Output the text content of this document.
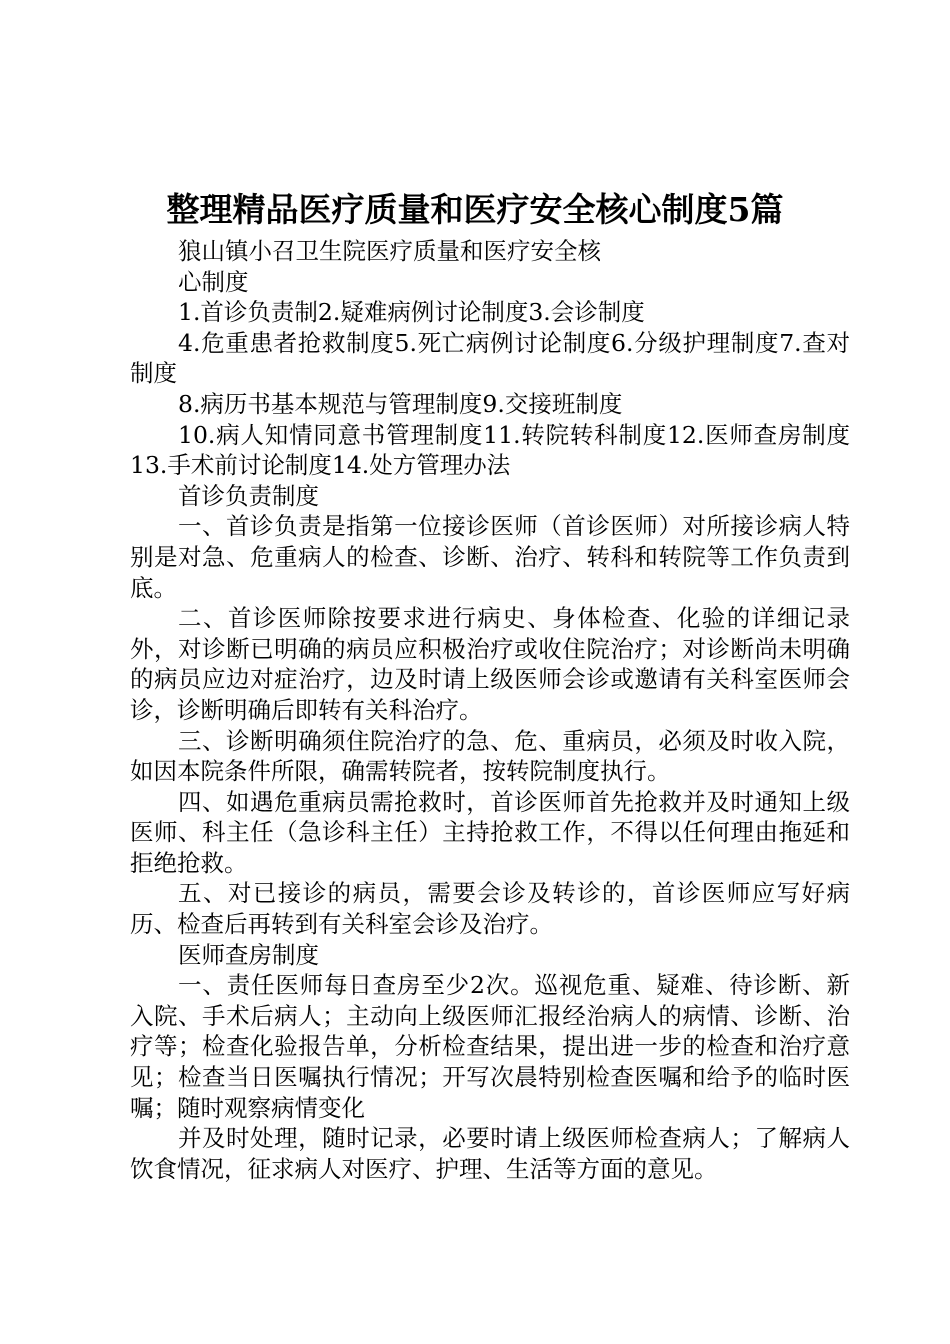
整理精品医疗质量和医疗安全核心制度5篇

狼山镇小召卫生院医疗质量和医疗安全核

心制度

1.首诊负责制2.疑难病例讨论制度3.会诊制度

4.危重患者抢救制度5.死亡病例讨论制度6.分级护理制度7.查对制度

8.病历书基本规范与管理制度9.交接班制度

10.病人知情同意书管理制度11.转院转科制度12.医师查房制度13.手术前讨论制度14.处方管理办法

首诊负责制度

一、首诊负责是指第一位接诊医师（首诊医师）对所接诊病人特别是对急、危重病人的检查、诊断、治疗、转科和转院等工作负责到底。

二、首诊医师除按要求进行病史、身体检查、化验的详细记录外，对诊断已明确的病员应积极治疗或收住院治疗；对诊断尚未明确的病员应边对症治疗，边及时请上级医师会诊或邀请有关科室医师会诊，诊断明确后即转有关科治疗。

三、诊断明确须住院治疗的急、危、重病员，必须及时收入院，如因本院条件所限，确需转院者，按转院制度执行。

四、如遇危重病员需抢救时，首诊医师首先抢救并及时通知上级医师、科主任（急诊科主任）主持抢救工作，不得以任何理由拖延和拒绝抢救。

五、对已接诊的病员，需要会诊及转诊的，首诊医师应写好病历、检查后再转到有关科室会诊及治疗。

医师查房制度

一、责任医师每日查房至少2次。巡视危重、疑难、待诊断、新入院、手术后病人；主动向上级医师汇报经治病人的病情、诊断、治疗等；检查化验报告单，分析检查结果，提出进一步的检查和治疗意见；检查当日医嘱执行情况；开写次晨特别检查医嘱和给予的临时医嘱；随时观察病情变化

并及时处理，随时记录，必要时请上级医师检查病人；了解病人饮食情况，征求病人对医疗、护理、生活等方面的意见。
